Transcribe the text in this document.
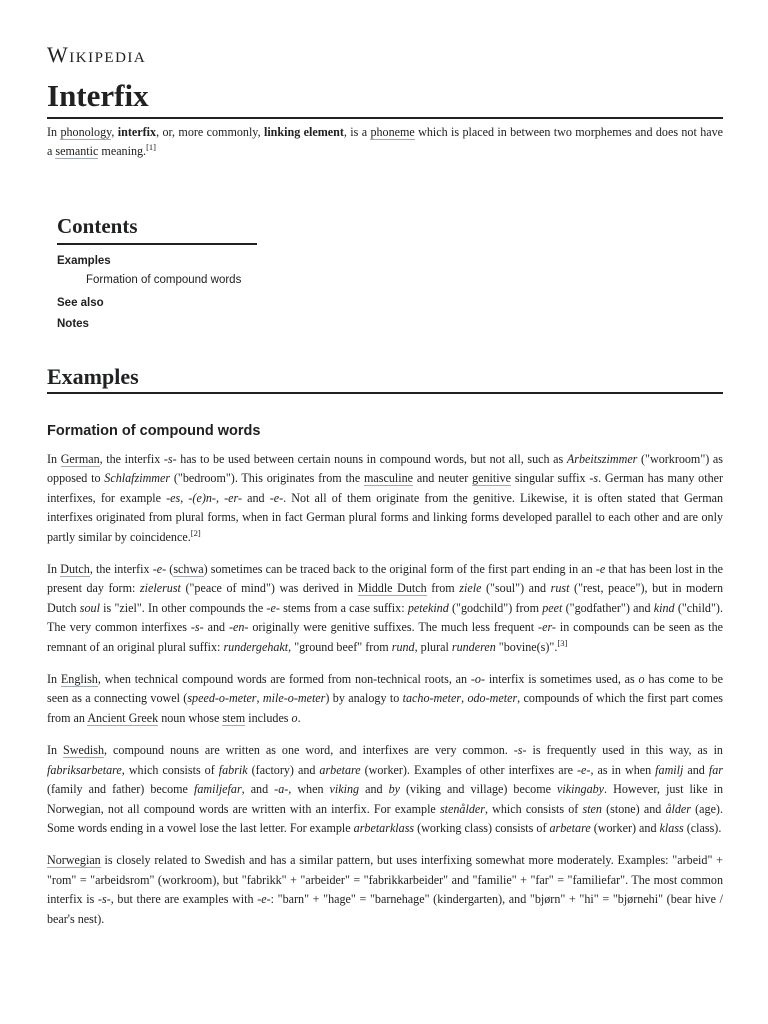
Wikipedia
Interfix

In phonology, interfix, or, more commonly, linking element, is a phoneme which is placed in between two morphemes and does not have a semantic meaning.[1]

Contents
Examples
Formation of compound words
See also
Notes
Examples
Formation of compound words

In German, the interfix -s- has to be used between certain nouns in compound words, but not all, such as Arbeitszimmer ("workroom") as opposed to Schlafzimmer ("bedroom"). This originates from the masculine and neuter genitive singular suffix -s. German has many other interfixes, for example -es, -(e)n-, -er- and -e-. Not all of them originate from the genitive. Likewise, it is often stated that German interfixes originated from plural forms, when in fact German plural forms and linking forms developed parallel to each other and are only partly similar by coincidence.[2]

In Dutch, the interfix -e- (schwa) sometimes can be traced back to the original form of the first part ending in an -e that has been lost in the present day form: zielerust ("peace of mind") was derived in Middle Dutch from ziele ("soul") and rust ("rest, peace"), but in modern Dutch soul is "ziel". In other compounds the -e- stems from a case suffix: petekind ("godchild") from peet ("godfather") and kind ("child"). The very common interfixes -s- and -en- originally were genitive suffixes. The much less frequent -er- in compounds can be seen as the remnant of an original plural suffix: rundergehakt, "ground beef" from rund, plural runderen "bovine(s)".[3]

In English, when technical compound words are formed from non-technical roots, an -o- interfix is sometimes used, as o has come to be seen as a connecting vowel (speed-o-meter, mile-o-meter) by analogy to tacho-meter, odo-meter, compounds of which the first part comes from an Ancient Greek noun whose stem includes o.

In Swedish, compound nouns are written as one word, and interfixes are very common. -s- is frequently used in this way, as in fabriksarbetare, which consists of fabrik (factory) and arbetare (worker). Examples of other interfixes are -e-, as in when familj and far (family and father) become familjefar, and -a-, when viking and by (viking and village) become vikingaby. However, just like in Norwegian, not all compound words are written with an interfix. For example stenålder, which consists of sten (stone) and ålder (age). Some words ending in a vowel lose the last letter. For example arbetarklass (working class) consists of arbetare (worker) and klass (class).

Norwegian is closely related to Swedish and has a similar pattern, but uses interfixing somewhat more moderately. Examples: "arbeid" + "rom" = "arbeidsrom" (workroom), but "fabrikk" + "arbeider" = "fabrikkarbeider" and "familie" + "far" = "familiefar". The most common interfix is -s-, but there are examples with -e-: "barn" + "hage" = "barnehage" (kindergarten), and "bjørn" + "hi" = "bjørnehi" (bear hive / bear's nest).
